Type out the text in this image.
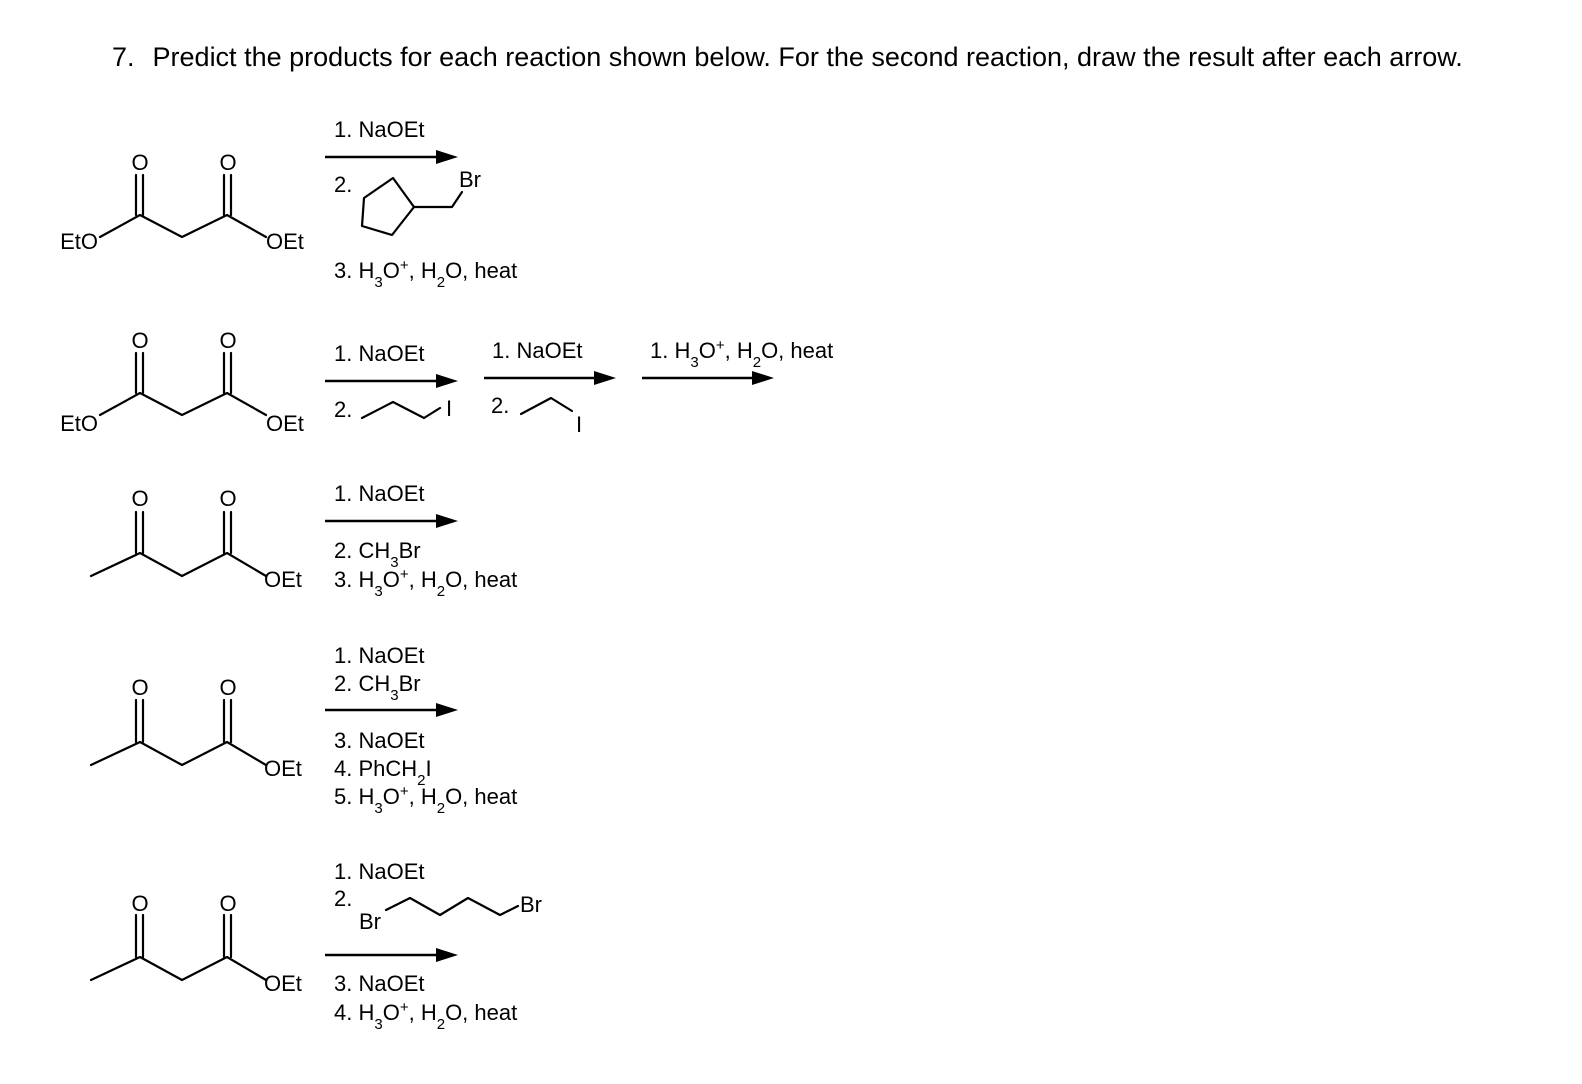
7. Predict the products for each reaction shown below. For the second reaction, draw the result after each arrow.
O	O
EtO	OEt
1. NaOEt
2.	Br
3. $H_3O^+$, $H_2O$, heat
O	O
EtO	OEt
1. NaOEt
2.	I
1. NaOEt
2.
I
1. $H_3O^+$, $H_2O$, heat
O	O
OEt
1. NaOEt
2. $CH_3Br$
3. $H_3O^+$, $H_2O$, heat
O	O
OEt
1. NaOEt
2. $CH_3Br$
3. NaOEt
4. PhCH$_2$I
5. $H_3O^+$, $H_2O$, heat
O	O
OEt
1. NaOEt
2.
Br
Br
3. NaOEt
4. $H_3O^+$, $H_2O$, heat
